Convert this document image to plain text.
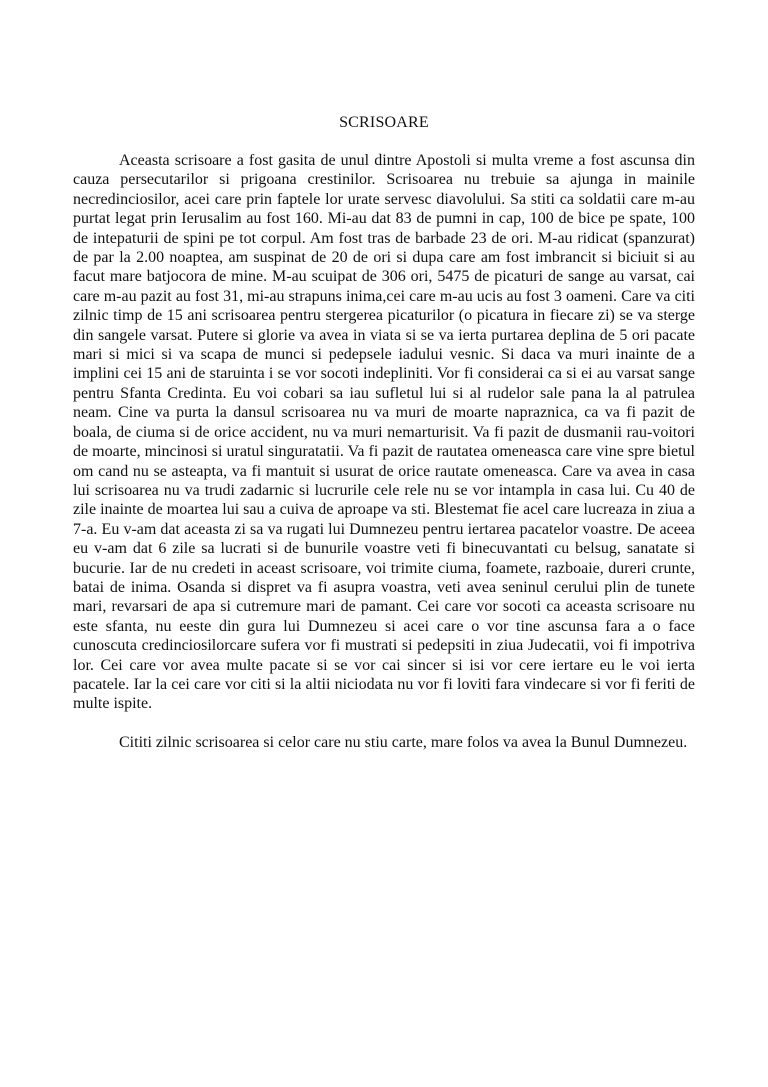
SCRISOARE

Aceasta scrisoare a fost gasita de unul dintre Apostoli si multa vreme a fost ascunsa din cauza persecutarilor si prigoana crestinilor. Scrisoarea nu trebuie sa ajunga in mainile necredinciosilor, acei care prin faptele lor urate servesc diavolului. Sa stiti ca soldatii care m-au purtat legat prin Ierusalim au fost 160. Mi-au dat 83 de pumni in cap, 100 de bice pe spate, 100 de intepaturii de spini pe tot corpul. Am fost tras de barbade 23 de ori. M-au ridicat (spanzurat) de par la 2.00 noaptea, am suspinat de 20 de ori si dupa care am fost imbrancit si biciuit si au facut mare batjocora de mine. M-au scuipat de 306 ori, 5475 de picaturi de sange au varsat, cai care m-au pazit au fost 31, mi-au strapuns inima,cei care m-au ucis au fost 3 oameni. Care va citi zilnic timp de 15 ani scrisoarea pentru stergerea picaturilor (o picatura in fiecare zi) se va sterge din sangele varsat. Putere si glorie va avea in viata si se va ierta purtarea deplina de 5 ori pacate mari si mici si va scapa de munci si pedepsele iadului vesnic. Si daca va muri inainte de a implini cei 15 ani de staruinta i se vor socoti indepliniti. Vor fi considerai ca si ei au varsat sange pentru Sfanta Credinta. Eu voi cobari sa iau sufletul lui si al rudelor sale pana la al patrulea neam. Cine va purta la dansul scrisoarea nu va muri de moarte napraznica, ca va fi pazit de boala, de ciuma si de orice accident, nu va muri nemarturisit. Va fi pazit de dusmanii rau-voitori de moarte, mincinosi si uratul singuratatii. Va fi pazit de rautatea omeneasca care vine spre bietul om cand nu se asteapta, va fi mantuit si usurat de orice rautate omeneasca. Care va avea in casa lui scrisoarea nu va trudi zadarnic si lucrurile cele rele nu se vor intampla in casa lui. Cu 40 de zile inainte de moartea lui sau a cuiva de aproape va sti. Blestemat fie acel care lucreaza in ziua a 7-a. Eu v-am dat aceasta zi sa va rugati lui Dumnezeu pentru iertarea pacatelor voastre. De aceea eu v-am dat 6 zile sa lucrati si de bunurile voastre veti fi binecuvantati cu belsug, sanatate si bucurie. Iar de nu credeti in aceast scrisoare, voi trimite ciuma, foamete, razboaie, dureri crunte, batai de inima. Osanda si dispret va fi asupra voastra, veti avea seninul cerului plin de tunete mari, revarsari de apa si cutremure mari de pamant. Cei care vor socoti ca aceasta scrisoare nu este sfanta, nu eeste din gura lui Dumnezeu si acei care o vor tine ascunsa fara a o face cunoscuta credinciosilorcare sufera vor fi mustrati si pedepsiti in ziua Judecatii, voi fi impotriva lor. Cei care vor avea multe pacate si se vor cai sincer si isi vor cere iertare eu le voi ierta pacatele. Iar la cei care vor citi si la altii niciodata nu vor fi loviti fara vindecare si vor fi feriti de multe ispite.

Cititi zilnic scrisoarea si celor care nu stiu carte, mare folos va avea la Bunul Dumnezeu.
